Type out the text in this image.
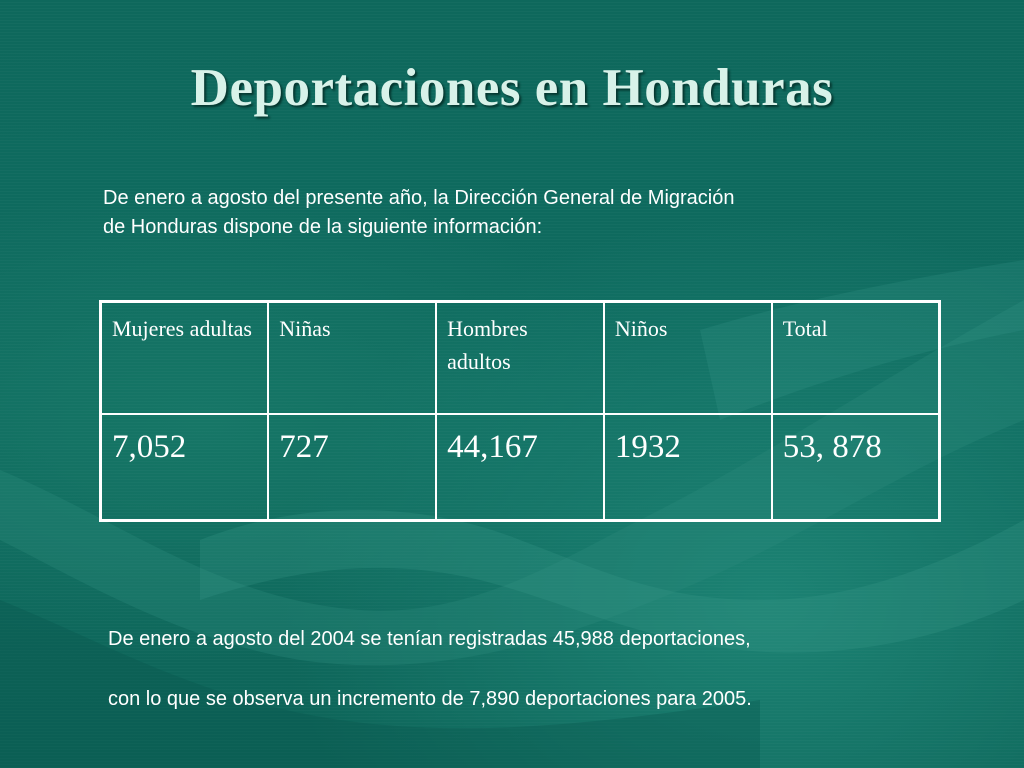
Deportaciones en Honduras
De enero a agosto del presente año, la Dirección General de Migración
de Honduras dispone de la siguiente información:
Mujeres adultas	Niñas	Hombres adultos	Niños	Total
7,052	727	44,167	1932	53, 878

De enero a agosto del 2004 se tenían registradas 45,988 deportaciones,

con lo que se observa un incremento de 7,890 deportaciones para 2005.
